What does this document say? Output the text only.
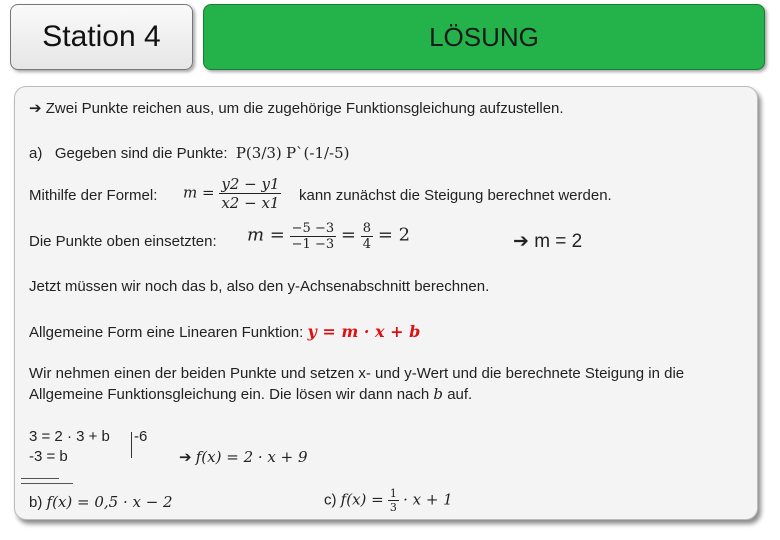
Station 4	LÖSUNG
➔ Zwei Punkte reichen aus, um die zugehörige Funktionsgleichung aufzustellen.
a) Gegeben sind die Punkte: P(3/3) P`(-1/-5)
Mithilfe der Formel: $m = \frac{y2 - y1}{x2 - x1}$ kann zunächst die Steigung berechnet werden.
Die Punkte oben einsetzten: $m = \frac{-5 -3}{-1 -3} = \frac{8}{4} = 2$	➔ m = 2
Jetzt müssen wir noch das b, also den y-Achsenabschnitt berechnen.
Allgemeine Form eine Linearen Funktion: y = m · x + b
Wir nehmen einen der beiden Punkte und setzen x- und y-Wert und die berechnete Steigung in die
Allgemeine Funktionsgleichung ein. Die lösen wir dann nach b auf.
3 = 2 · 3 + b -6
-3 = b	➔ f(x) = 2 · x + 9
b) f(x) = 0,5 · x − 2	c) $f(x) = \frac{1}{3} \cdot x + 1$
